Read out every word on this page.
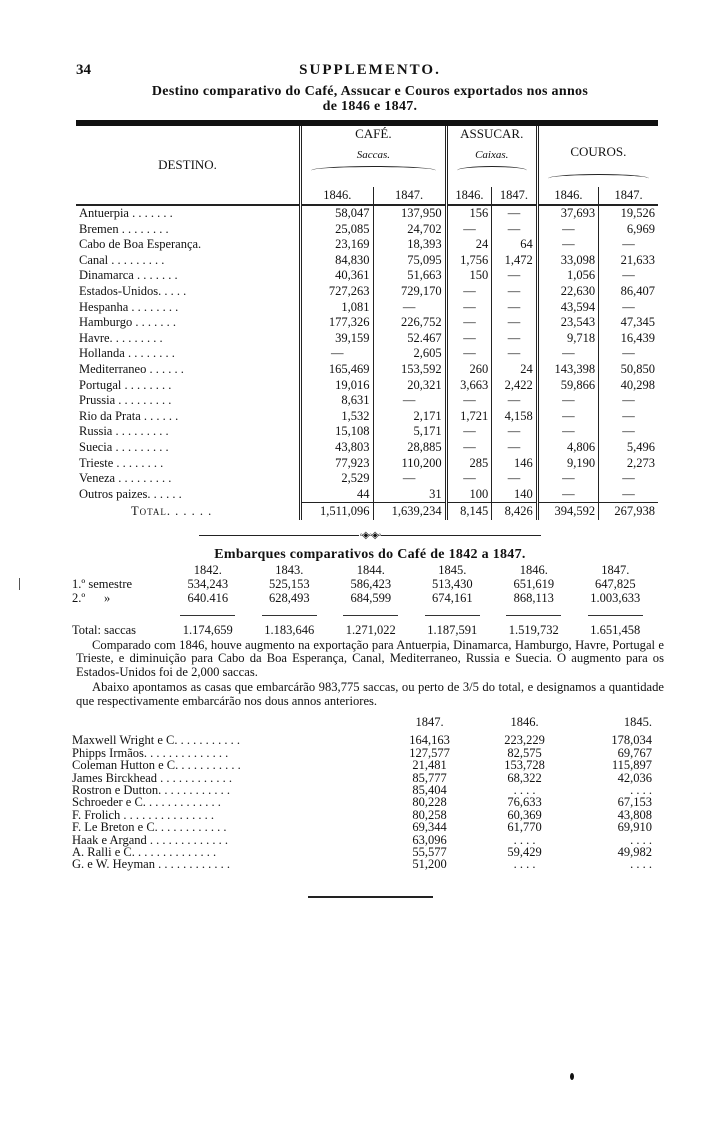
34	SUPPLEMENTO.
Destino comparativo do Café, Assucar e Couros exportados nos annos
de 1846 e 1847.
DESTINO.	CAFÉ.
Saccas.		ASSUCAR.
Caixas.		COUROS.	

	1846.	1847.	1846.	1847.	1846.	1847.
Antuerpia . . . . . . .	58,047	137,950	156	—	37,693	19,526
Bremen . . . . . . . .	25,085	24,702	—	—	—	6,969
Cabo de Boa Esperança.	23,169	18,393	24	64	—	—
Canal . . . . . . . . .	84,830	75,095	1,756	1,472	33,098	21,633
Dinamarca . . . . . . .	40,361	51,663	150	—	1,056	—
Estados-Unidos. . . . .	727,263	729,170	—	—	22,630	86,407
Hespanha . . . . . . . .	1,081	—	—	—	43,594	—
Hamburgo . . . . . . .	177,326	226,752	—	—	23,543	47,345
Havre. . . . . . . . .	39,159	52.467	—	—	9,718	16,439
Hollanda . . . . . . . .	—	2,605	—	—	—	—
Mediterraneo . . . . . .	165,469	153,592	260	24	143,398	50,850
Portugal . . . . . . . .	19,016	20,321	3,663	2,422	59,866	40,298
Prussia . . . . . . . . .	8,631	—	—	—	—	—
Rio da Prata . . . . . .	1,532	2,171	1,721	4,158	—	—
Russia . . . . . . . . .	15,108	5,171	—	—	—	—
Suecia . . . . . . . . .	43,803	28,885	—	—	4,806	5,496
Trieste . . . . . . . .	77,923	110,200	285	146	9,190	2,273
Veneza . . . . . . . . .	2,529	—	—	—	—	—
Outros paizes. . . . . .	44	31	100	140	—	—
Total. . . . . .	1,511,096	1,639,234	8,145	8,426	394,592	267,938
◦◈◦◈◦
Embarques comparativos do Café de 1842 a 1847.
	1842.	1843.	1844.	1845.	1846.	1847.
1.º semestre	534,243	525,153	586,423	513,430	651,619	647,825
2.º      »	640.416	628,493	684,599	674,161	868,113	1.003,633

Total: saccas	1.174,659	1.183,646	1.271,022	1.187,591	1.519,732	1.651,458

Comparado com 1846, houve augmento na exportação para Antuerpia, Dinamarca, Hamburgo, Havre, Portugal e Trieste, e diminuição para Cabo da Boa Esperança, Canal, Mediterraneo, Russia e Suecia. O augmento para os Estados-Unidos foi de 2,000 saccas.

Abaixo apontamos as casas que embarcárão 983,775 saccas, ou perto de 3/5 do total, e designamos a quantidade que respectivamente embarcárão nos dous annos anteriores.

	1847.	1846.	1845.
Maxwell Wright e C. . . . . . . . . . .	164,163	223,229	178,034
Phipps Irmãos. . . . . . . . . . . . . .	127,577	82,575	69,767
Coleman Hutton e C. . . . . . . . . . .	21,481	153,728	115,897
James Birckhead . . . . . . . . . . . .	85,777	68,322	42,036
Rostron e Dutton. . . . . . . . . . . .	85,404	. . . .	. . . .
Schroeder e C. . . . . . . . . . . . .	80,228	76,633	67,153
F. Frolich . . . . . . . . . . . . . . .	80,258	60,369	43,808
F. Le Breton e C. . . . . . . . . . . .	69,344	61,770	69,910
Haak e Argand . . . . . . . . . . . . .	63,096	. . . .	. . . .
A. Ralli e C. . . . . . . . . . . . . .	55,577	59,429	49,982
G. e W. Heyman . . . . . . . . . . . .	51,200	. . . .	. . . .
